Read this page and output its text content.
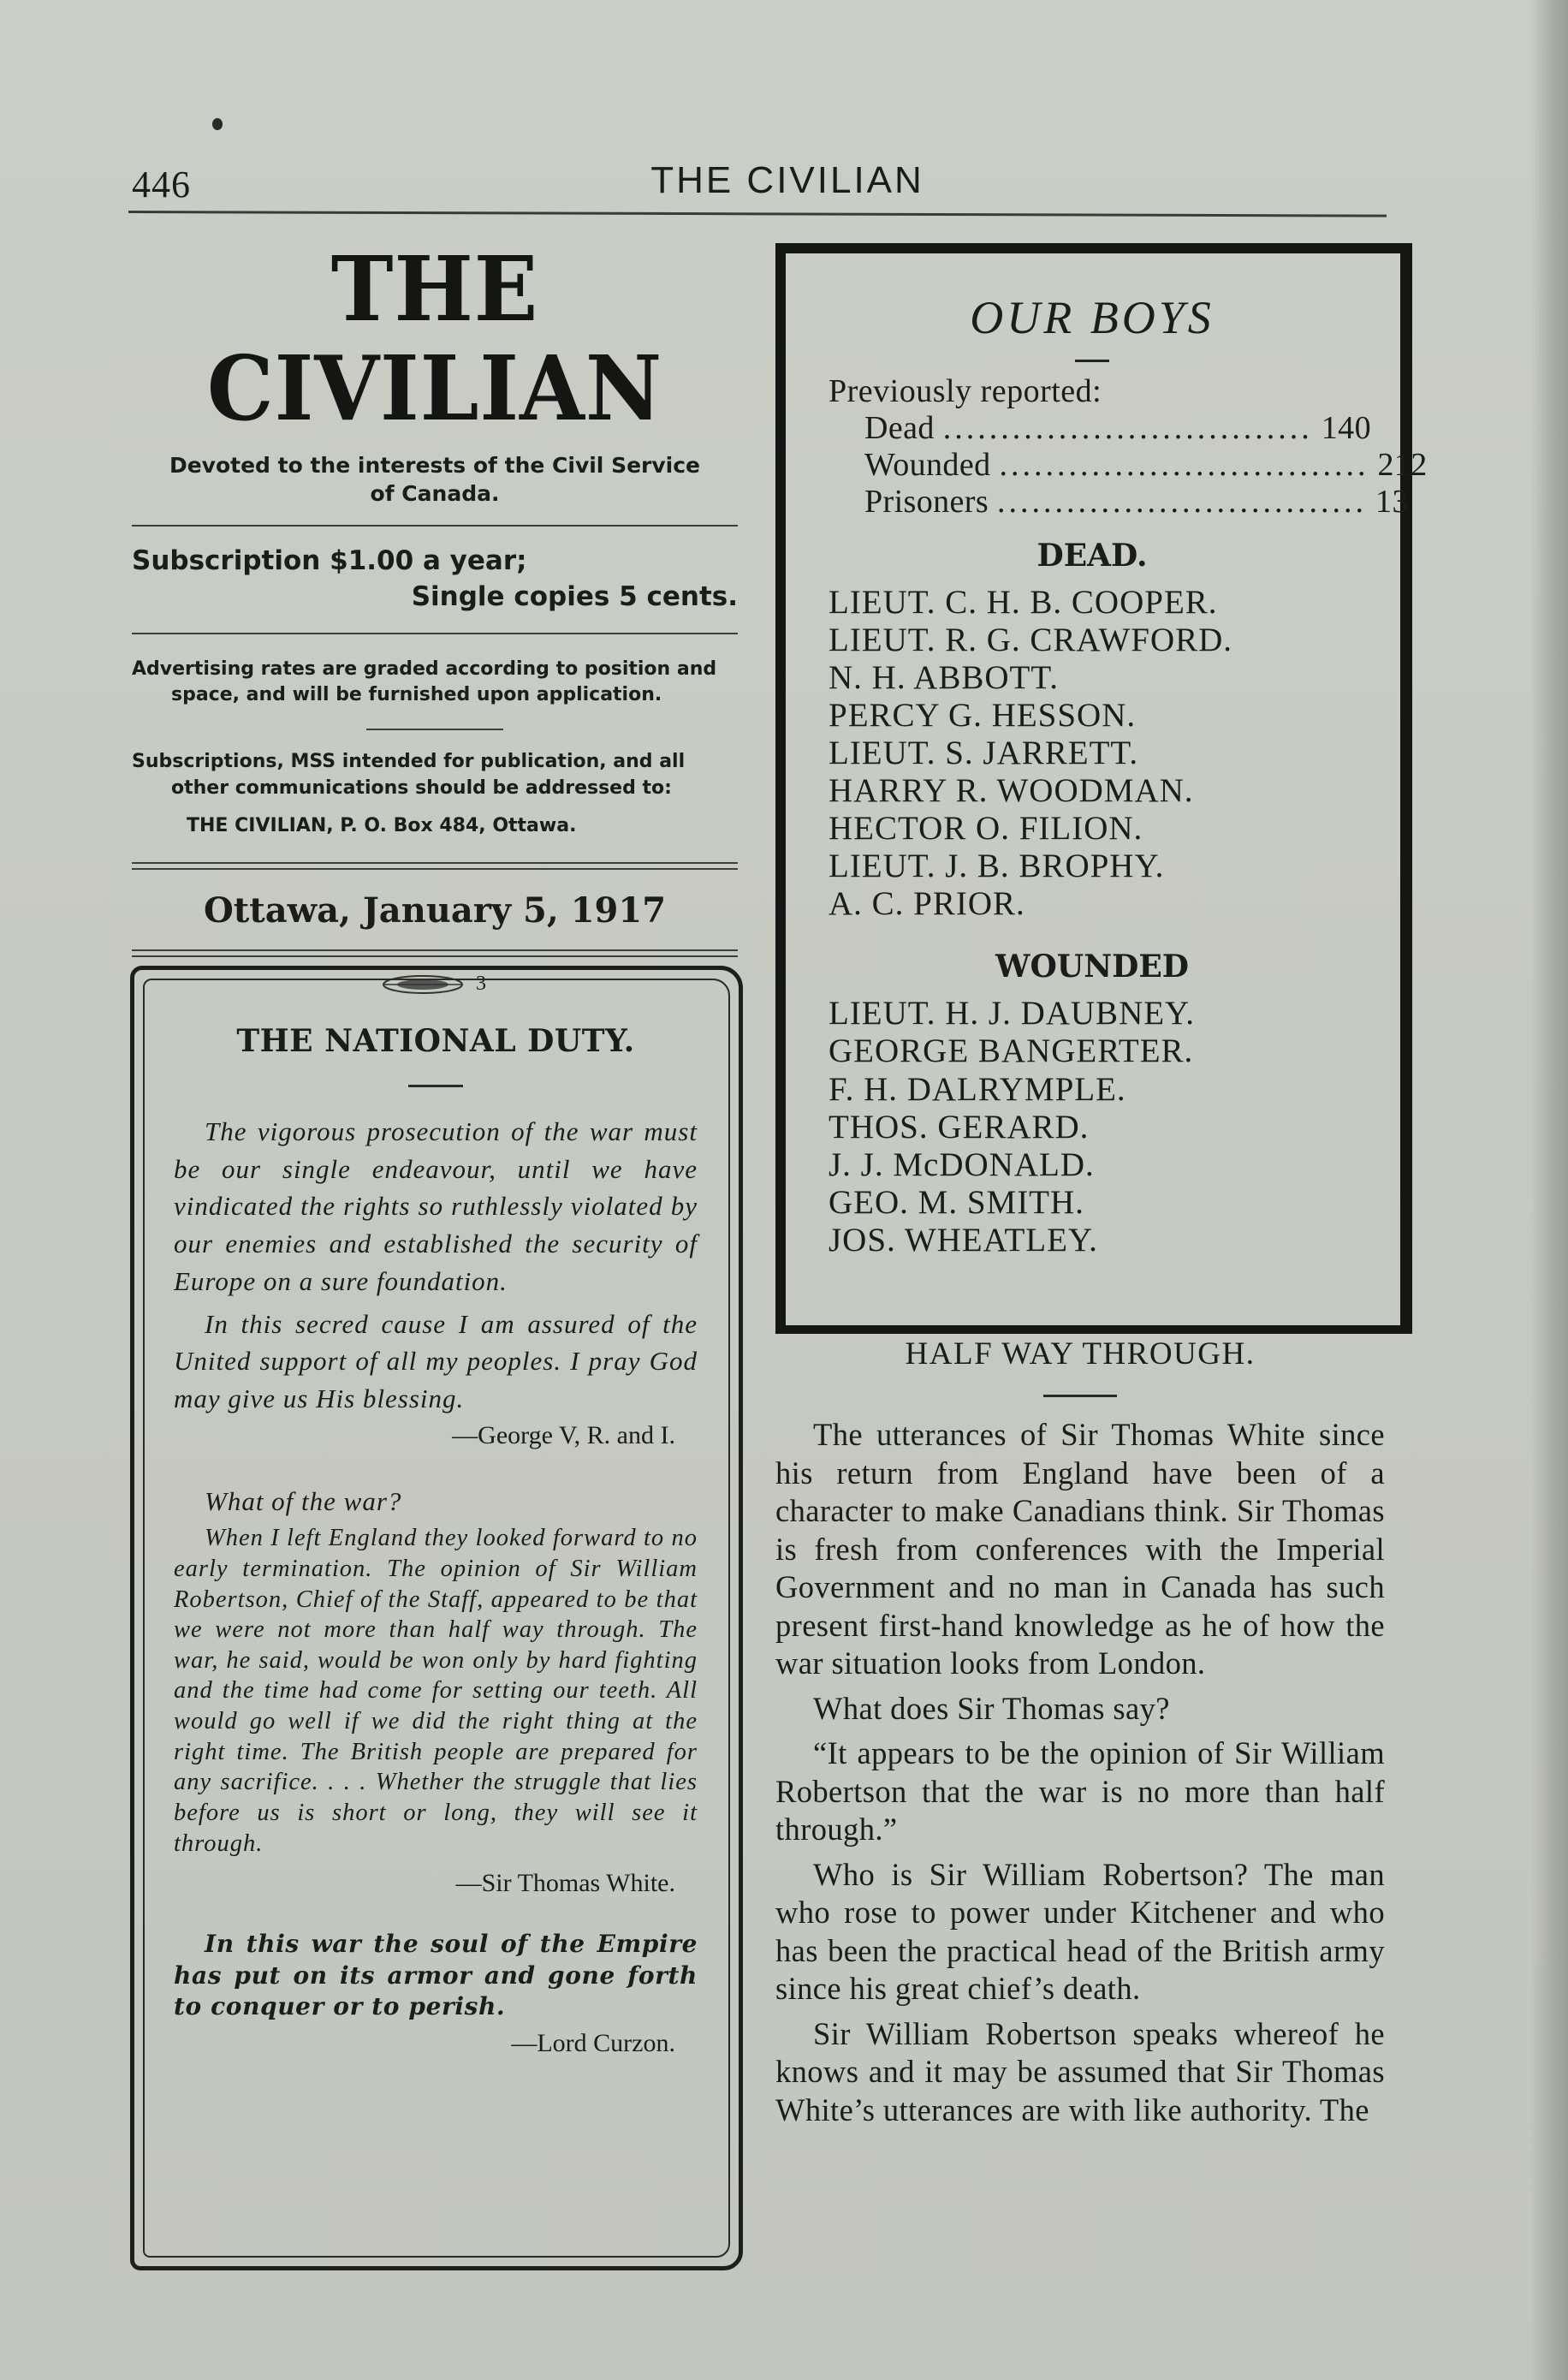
446	THE CIVILIAN
THE CIVILIAN
Devoted to the interests of the Civil Service
of Canada.
Subscription $1.00 a year;
Single copies 5 cents.
Advertising rates are graded according to position and space, and will be furnished upon application.
Subscriptions, MSS intended for publication, and all other communications should be addressed to:
THE CIVILIAN, P. O. Box 484, Ottawa.
Ottawa, January 5, 1917
3
THE NATIONAL DUTY.

The vigorous prosecution of the war must be our single endeavour, until we have vindicated the rights so ruthlessly violated by our enemies and established the security of Europe on a sure foundation.

In this secred cause I am assured of the United support of all my peoples. I pray God may give us His blessing.

—George V, R. and I.

What of the war?

When I left England they looked forward to no early termination. The opinion of Sir William Robertson, Chief of the Staff, appeared to be that we were not more than half way through. The war, he said, would be won only by hard fighting and the time had come for setting our teeth. All would go well if we did the right thing at the right time. The British people are prepared for any sacrifice. . . . Whether the struggle that lies before us is short or long, they will see it through.

—Sir Thomas White.

In this war the soul of the Empire has put on its armor and gone forth to conquer or to perish.

—Lord Curzon.
OUR BOYS
Previously reported:
Dead ................................ 140
Wounded ................................ 212
Prisoners ................................ 13
DEAD.
LIEUT. C. H. B. COOPER.
LIEUT. R. G. CRAWFORD.
N. H. ABBOTT.
PERCY G. HESSON.
LIEUT. S. JARRETT.
HARRY R. WOODMAN.
HECTOR O. FILION.
LIEUT. J. B. BROPHY.
A. C. PRIOR.
WOUNDED
LIEUT. H. J. DAUBNEY.
GEORGE BANGERTER.
F. H. DALRYMPLE.
THOS. GERARD.
J. J. McDONALD.
GEO. M. SMITH.
JOS. WHEATLEY.
HALF WAY THROUGH.

The utterances of Sir Thomas White since his return from England have been of a character to make Canadians think. Sir Thomas is fresh from conferences with the Imperial Government and no man in Canada has such present first-hand knowledge as he of how the war situation looks from London.

What does Sir Thomas say?

“It appears to be the opinion of Sir William Robertson that the war is no more than half through.”

Who is Sir William Robertson? The man who rose to power under Kitchener and who has been the practical head of the British army since his great chief’s death.

Sir William Robertson speaks whereof he knows and it may be assumed that Sir Thomas White’s utterances are with like authority. The
